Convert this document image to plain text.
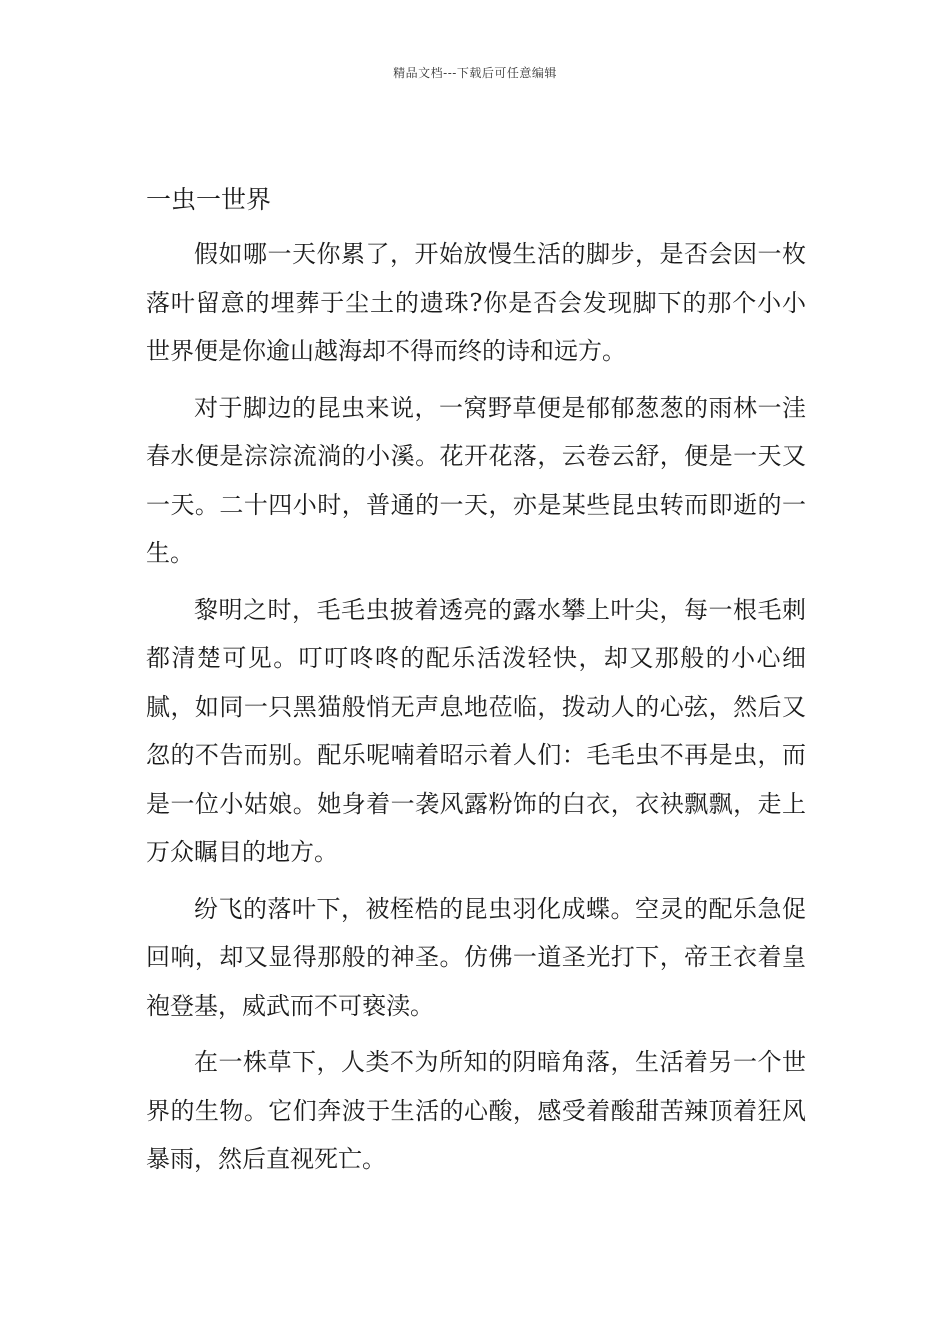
精品文档---下载后可任意编辑
一虫一世界

假如哪一天你累了，开始放慢生活的脚步，是否会因一枚落叶留意的埋葬于尘土的遗珠?你是否会发现脚下的那个小小世界便是你逾山越海却不得而终的诗和远方。

对于脚边的昆虫来说，一窝野草便是郁郁葱葱的雨林一洼春水便是淙淙流淌的小溪。花开花落，云卷云舒，便是一天又一天。二十四小时，普通的一天，亦是某些昆虫转而即逝的一生。

黎明之时，毛毛虫披着透亮的露水攀上叶尖，每一根毛刺都清楚可见。叮叮咚咚的配乐活泼轻快，却又那般的小心细腻，如同一只黑猫般悄无声息地莅临，拨动人的心弦，然后又忽的不告而别。配乐呢喃着昭示着人们：毛毛虫不再是虫，而是一位小姑娘。她身着一袭风露粉饰的白衣，衣袂飘飘，走上万众瞩目的地方。

纷飞的落叶下，被桎梏的昆虫羽化成蝶。空灵的配乐急促回响，却又显得那般的神圣。仿佛一道圣光打下，帝王衣着皇袍登基，威武而不可亵渎。

在一株草下，人类不为所知的阴暗角落，生活着另一个世界的生物。它们奔波于生活的心酸，感受着酸甜苦辣顶着狂风暴雨，然后直视死亡。
